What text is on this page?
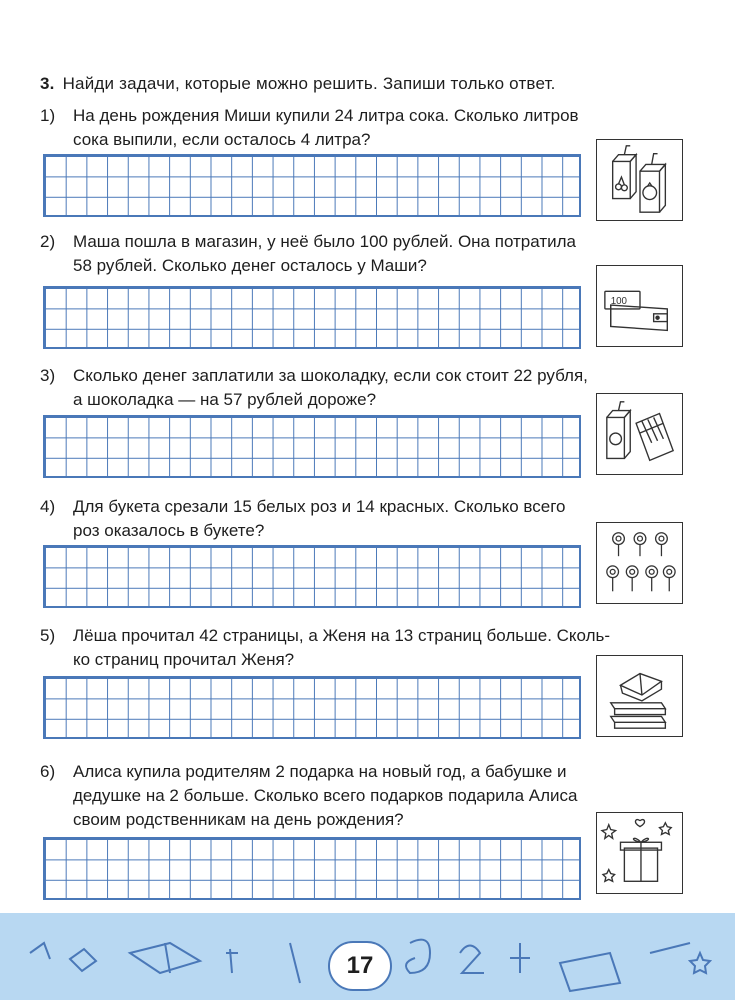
3. Найди задачи, которые можно решить. Запиши только ответ.
1) На день рождения Миши купили 24 литра сока. Сколько литров
сока выпили, если осталось 4 литра?
2) Маша пошла в магазин, у неё было 100 рублей. Она потратила
58 рублей. Сколько денег осталось у Маши?
100
3) Сколько денег заплатили за шоколадку, если сок стоит 22 рубля,
а шоколадка — на 57 рублей дороже?
4) Для букета срезали 15 белых роз и 14 красных. Сколько всего
роз оказалось в букете?
5) Лёша прочитал 42 страницы, а Женя на 13 страниц больше. Сколь-
ко страниц прочитал Женя?
6) Алиса купила родителям 2 подарка на новый год, а бабушке и
дедушке на 2 больше. Сколько всего подарков подарила Алиса
своим родственникам на день рождения?
17
